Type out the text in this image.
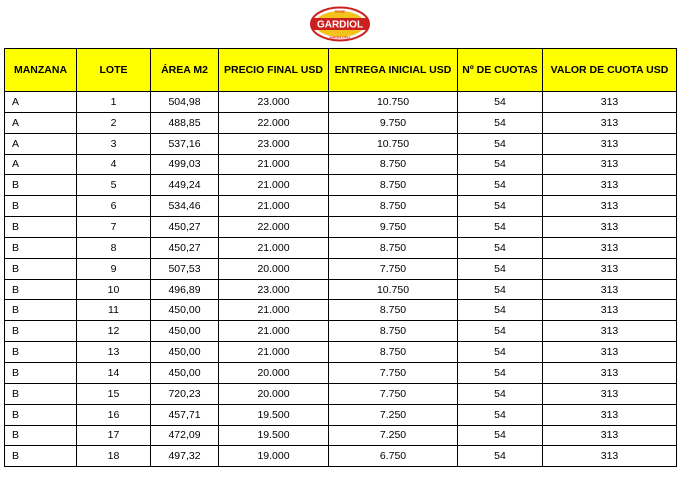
GARDIOL
DESDE
INMOBILIARIA
MANZANA	LOTE	ÁREA M2	PRECIO FINAL USD	ENTREGA INICIAL USD	Nº DE CUOTAS	VALOR DE CUOTA USD
A	1	504,98	23.000	10.750	54	313
A	2	488,85	22.000	9.750	54	313
A	3	537,16	23.000	10.750	54	313
A	4	499,03	21.000	8.750	54	313
B	5	449,24	21.000	8.750	54	313
B	6	534,46	21.000	8.750	54	313
B	7	450,27	22.000	9.750	54	313
B	8	450,27	21.000	8.750	54	313
B	9	507,53	20.000	7.750	54	313
B	10	496,89	23.000	10.750	54	313
B	11	450,00	21.000	8.750	54	313
B	12	450,00	21.000	8.750	54	313
B	13	450,00	21.000	8.750	54	313
B	14	450,00	20.000	7.750	54	313
B	15	720,23	20.000	7.750	54	313
B	16	457,71	19.500	7.250	54	313
B	17	472,09	19.500	7.250	54	313
B	18	497,32	19.000	6.750	54	313
